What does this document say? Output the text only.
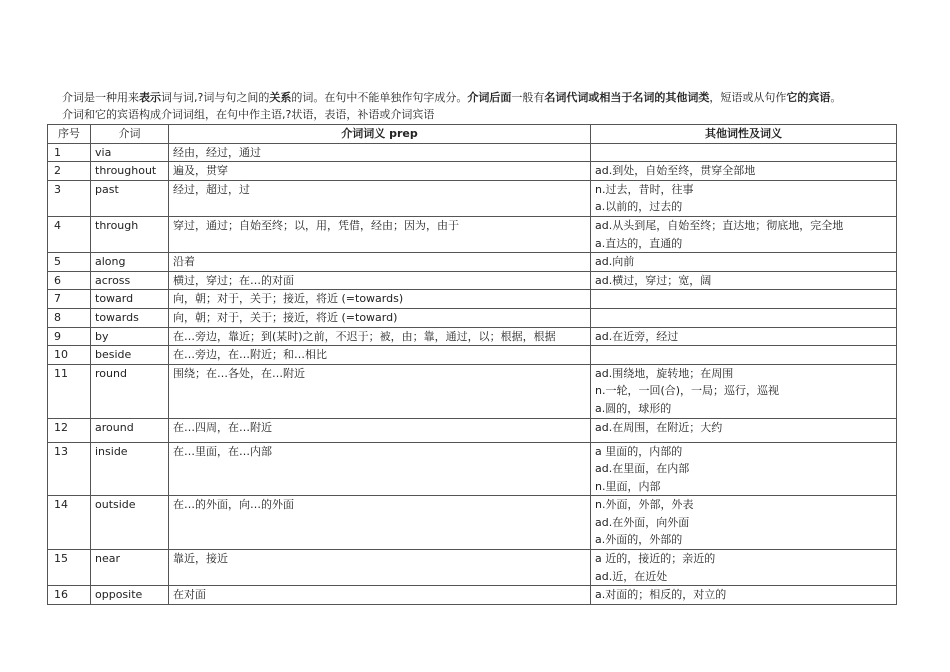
介词是一种用来表示词与词,?词与句之间的关系的词。在句中不能单独作句字成分。介词后面一般有名词代词或相当于名词的其他词类，短语或从句作它的宾语。
介词和它的宾语构成介词词组，在句中作主语,?状语，表语，补语或介词宾语
序号	介词	介词词义 prep	其他词性及词义
1	via	经由，经过，通过	

2	throughout	遍及，贯穿	ad.到处，自始至终，贯穿全部地

3	past	经过，超过，过	n.过去，昔时，往事
a.以前的，过去的

4	through	穿过，通过；自始至终；以，用，凭借，经由；因为，由于	ad.从头到尾，自始至终；直达地；彻底地，完全地
a.直达的，直通的

5	along	沿着	ad.向前

6	across	横过，穿过；在…的对面	ad.横过，穿过；宽，阔

7	toward	向，朝；对于，关于；接近，将近 (=towards)	

8	towards	向，朝；对于，关于；接近，将近 (=toward)	

9	by	在…旁边，靠近；到(某时)之前，不迟于；被，由；靠，通过，以；根据，根据	ad.在近旁，经过

10	beside	在…旁边，在…附近；和…相比	

11	round	围绕；在…各处，在…附近	ad.围绕地，旋转地；在周围
n.一轮，一回(合)，一局；巡行，巡视
a.圆的，球形的

12	around	在…四周，在…附近	ad.在周围，在附近；大约

13	inside	在…里面，在…内部	a 里面的，内部的
ad.在里面，在内部
n.里面，内部

14	outside	在…的外面，向…的外面	n.外面，外部，外表
ad.在外面，向外面
a.外面的，外部的

15	near	靠近，接近	a 近的，接近的；亲近的
ad.近，在近处

16	opposite	在对面	a.对面的；相反的，对立的
